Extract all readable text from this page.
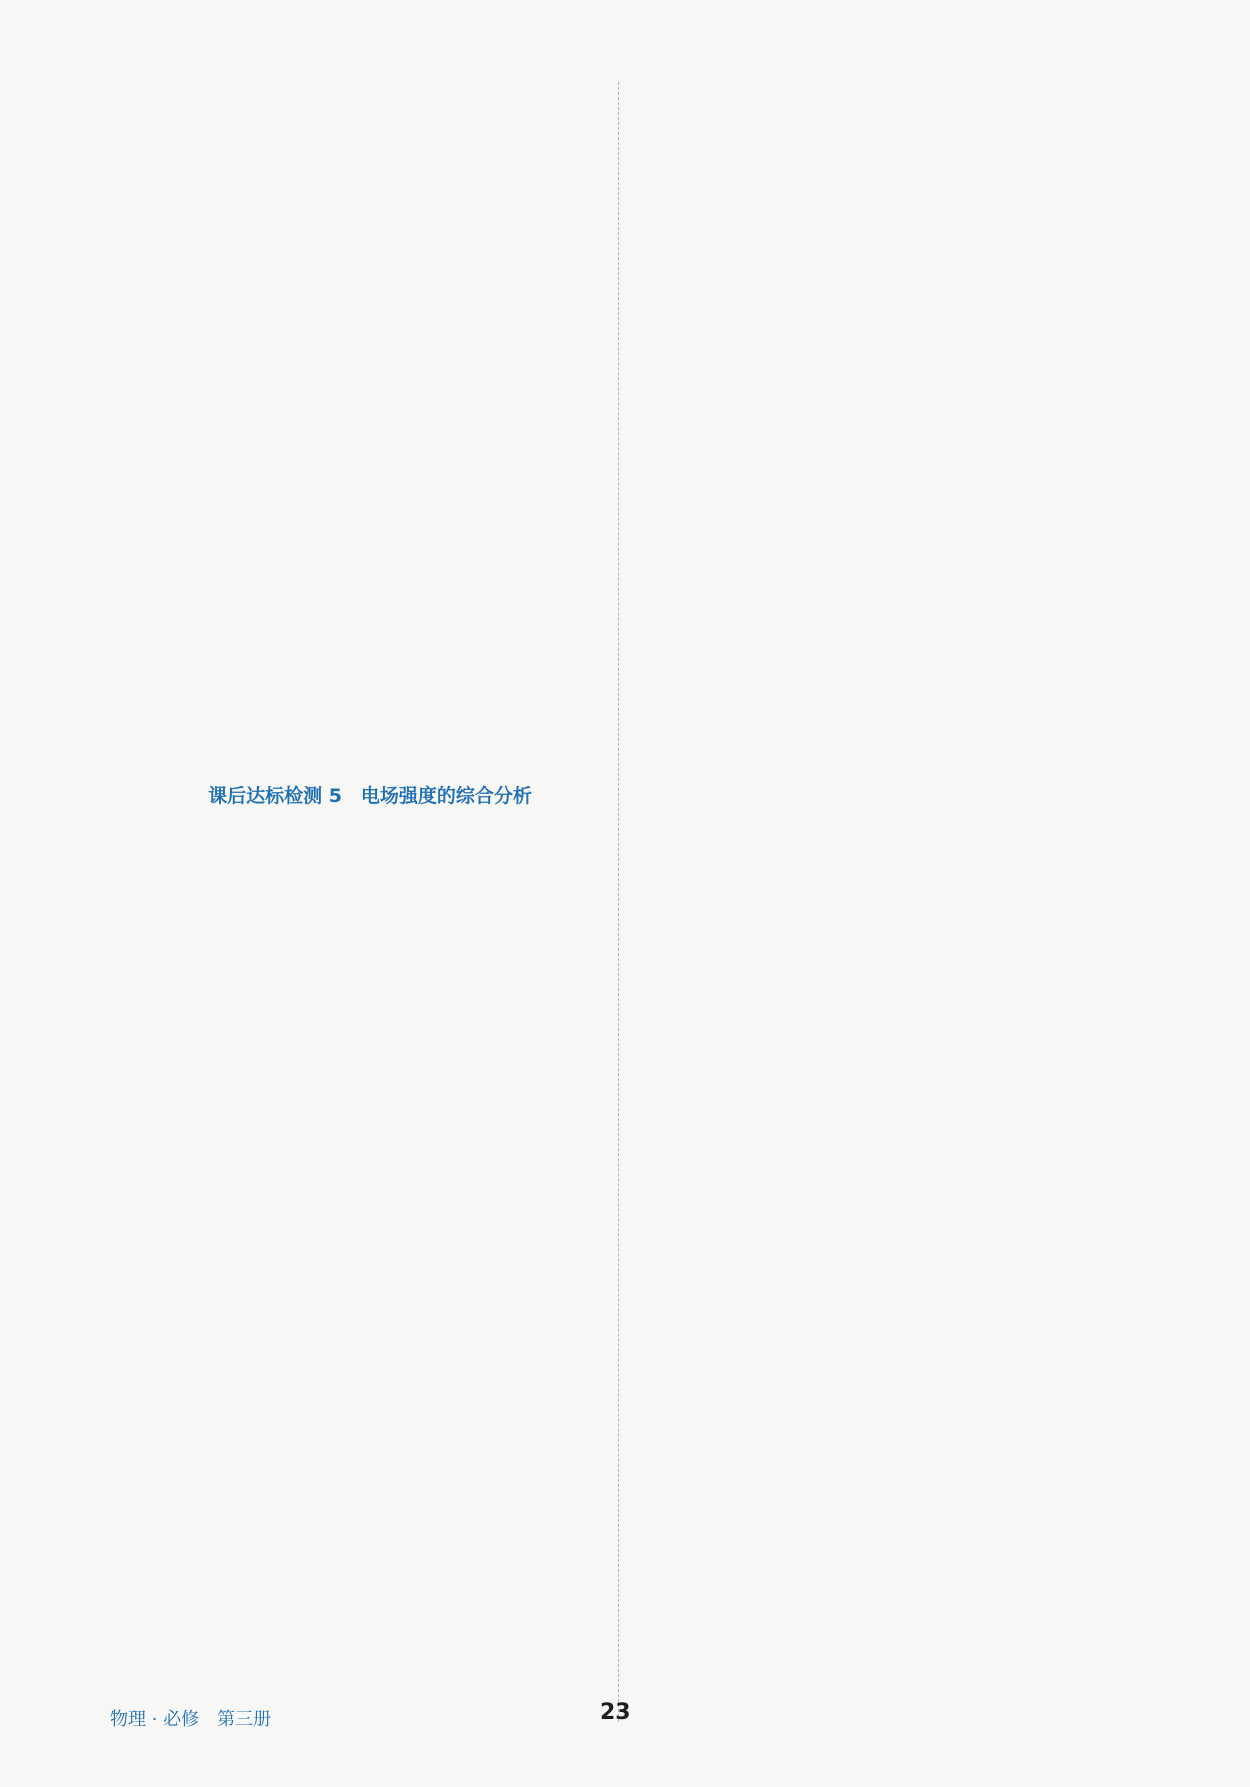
课后达标检测 5　电场强度的综合分析
物理 · 必修　第三册	23
